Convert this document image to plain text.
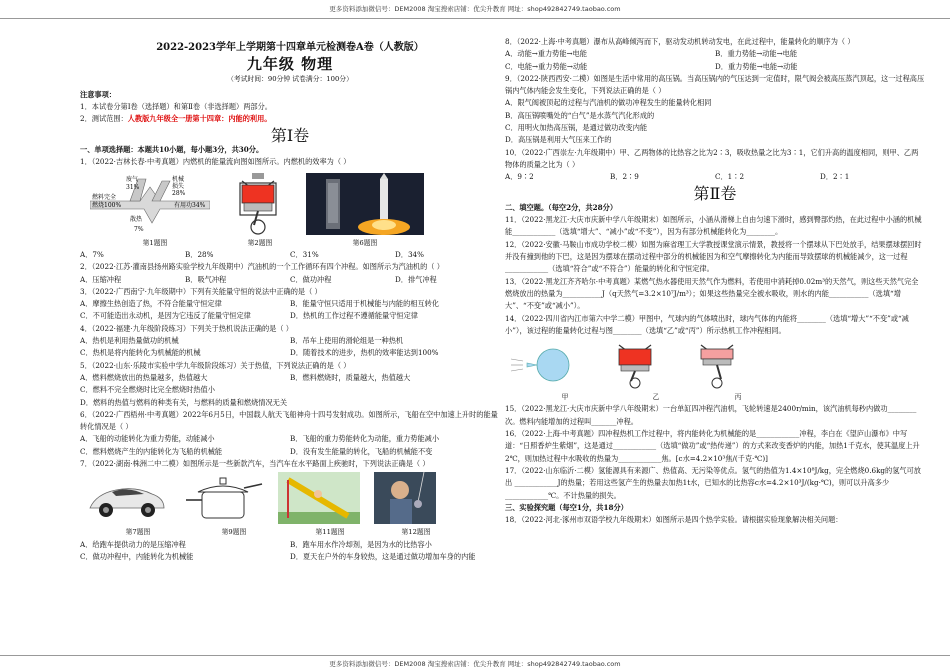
更多资料添加微信号：DEM2008 淘宝搜索店铺：优尖升教育 网址：shop492842749.taobao.com
2022-2023学年上学期第十四章单元检测卷A卷（人教版）
九年级 物理
（考试时间：90分钟 试卷满分：100分）

注意事项：

1．本试卷分第Ⅰ卷（选择题）和第Ⅱ卷（非选择题）两部分。

2．测试范围：人教版九年级全一册第十四章：内能的利用。

第Ⅰ卷

一、单项选择题：本题共10小题，每小题3分，共30分。

1．（2022·吉林长春·中考真题）内燃机的能量流向图如图所示。内燃机的效率为（ ）

废气
31%
机械
损失
28%
燃料完全
燃烧100%	有用功34%
散热
7%
第1题图	第2题图	第6题图
A．7%	B．28%	C．31%	D．34%

2．（2022·江苏·灌南县扬州路实验学校九年级期中）汽油机的一个工作循环有四个冲程。如图所示为汽油机的（ ）

A．压缩冲程	B．吸气冲程	C．做功冲程	D．排气冲程

3．（2022·广西南宁·九年级期中）下列有关能量守恒的说法中正确的是（ ）

A．摩擦生热创造了热，不符合能量守恒定律	B．能量守恒只适用于机械能与内能的相互转化
C．不可能造出永动机，是因为它违反了能量守恒定律	D．热机的工作过程不遵循能量守恒定律

4．（2022·福建·九年级阶段练习）下列关于热机说法正确的是（ ）

A．热机是利用热量做功的机械	B．吊车上使用的滑轮组是一种热机
C．热机是将内能转化为机械能的机械	D．随着技术的进步，热机的效率能达到100%

5．（2022·山东·乐陵市实验中学九年级阶段练习）关于热值，下列说法正确的是（ ）

A．燃料燃烧放出的热量越多，热值越大	B．燃料燃烧时，质量越大，热值越大
C．燃料不完全燃烧时比完全燃烧时热值小
D．燃料的热值与燃料的种类有关，与燃料的质量和燃烧情况无关

6．（2022·广西梧州·中考真题）2022年6月5日，中国载人航天飞船神舟十四号发射成功。如图所示，飞船在空中加速上升时的能量转化情况是（ ）

A．飞船的动能转化为重力势能，动能减小	B．飞船的重力势能转化为动能，重力势能减小
C．燃料燃烧产生的内能转化为飞船的机械能	D．没有发生能量的转化，飞船的机械能不变

7．（2022·湖南·株洲二中二模）如图所示是一些新款汽车，当汽车在水平路面上疾驰时，下列说法正确是（ ）

第7题图	第9题图	第11题图	第12题图
A．给跑车提供动力的是压缩冲程	B．跑车用水作冷却剂，是因为水的比热容小
C．做功冲程中，内能转化为机械能	D．夏天在户外的车身较热，这是通过做功增加车身的内能

8．（2022·上海·中考真题）瀑布从高峰倾泻而下，驱动发动机转动发电，在此过程中，能量转化的顺序为（ ）

A．动能→重力势能→电能	B．重力势能→动能→电能
C．电能→重力势能→动能	D．重力势能→电能→动能

9．（2022·陕西西安·二模）如图是生活中常用的高压锅。当高压锅内的气压达到一定值时，限气阀会被高压蒸汽顶起，这一过程高压锅内气体内能会发生变化，下列说法正确的是（ ）

A．限气阀被顶起的过程与汽油机的做功冲程发生的能量转化相同

B．高压锅喷嘴处的“白气”是水蒸气汽化形成的

C．用明火加热高压锅，是通过做功改变内能

D．高压锅是利用大气压来工作的

10．（2022·广西崇左·九年级期中）甲、乙两物体的比热容之比为2∶3，吸收热量之比为3∶1，它们升高的温度相同，则甲、乙两物体的质量之比为（ ）

A．9∶2	B．2∶9	C．1∶2	D．2∶1
第Ⅱ卷

二、填空题。（每空2分，共28分）

11．（2022·黑龙江·大庆市庆新中学八年级期末）如图所示，小涵从滑梯上自由匀速下滑时，感到臀部灼热，在此过程中小涵的机械能____________（选填“增大”、“减小”或“不变”），因为有部分机械能转化为________。

12．（2022·安徽·马鞍山市成功学校二模）如图为麻省理工大学教授课堂演示情景，教授将一个摆球从下巴处放手，结果摆球摆回时并没有撞到他的下巴，这是因为摆球在摆动过程中部分的机械能因为和空气摩擦转化为内能而导致摆球的机械能减少，这一过程 ____________（选填“符合”或“不符合”）能量的转化和守恒定律。

13．（2022·黑龙江齐齐哈尔·中考真题）某燃气热水器使用天然气作为燃料，若使用中消耗掉0.02m³的天然气，则这些天然气完全燃烧放出的热量为___________J（q天然气=3.2×10⁷J/m³）；如果这些热量完全被水吸收，则水的内能___________（选填“增大”、“不变”或“减小”）。

14．（2022·四川省内江市第六中学二模）甲图中，气球内的气体喷出时，球内气体的内能将________（选填“增大”“不变”或“减小”），该过程的能量转化过程与图________（选填“乙”或“丙”）所示热机工作冲程相同。

甲	乙	丙

15．（2022·黑龙江·大庆市庆新中学八年级期末）一台单缸四冲程汽油机，飞轮转速是2400r/min，该汽油机每秒内做功________次。燃料内能增加的过程叫_______冲程。

16．（2022·上海·中考真题）四冲程热机工作过程中，将内能转化为机械能的是____________冲程，李白在《望庐山瀑布》中写道：“日照香炉生紫烟”，这是通过____________（选填“做功”或“热传递”）的方式来改变香炉的内能，加热1千克水，使其温度上升2℃，则加热过程中水吸收的热量为____________焦。[c水=4.2×10³焦/(千克·℃)]

17．（2022·山东临沂·二模）氢能源具有来源广、热值高、无污染等优点。氢气的热值为1.4×10⁸J/kg，完全燃烧0.6kg的氢气可放出 ____________J的热量；若用这些氢产生的热量去加热1t水，已知水的比热容c水=4.2×10³J/(kg·℃)，则可以升高多少____________℃。不计热量的损失。

三、实验探究题（每空1分，共18分）

18．（2022·河北·涿州市双语学校九年级期末）如图所示是四个热学实验。请根据实验现象解决相关问题：

更多资料添加微信号：DEM2008 淘宝搜索店铺：优尖升教育 网址：shop492842749.taobao.com
